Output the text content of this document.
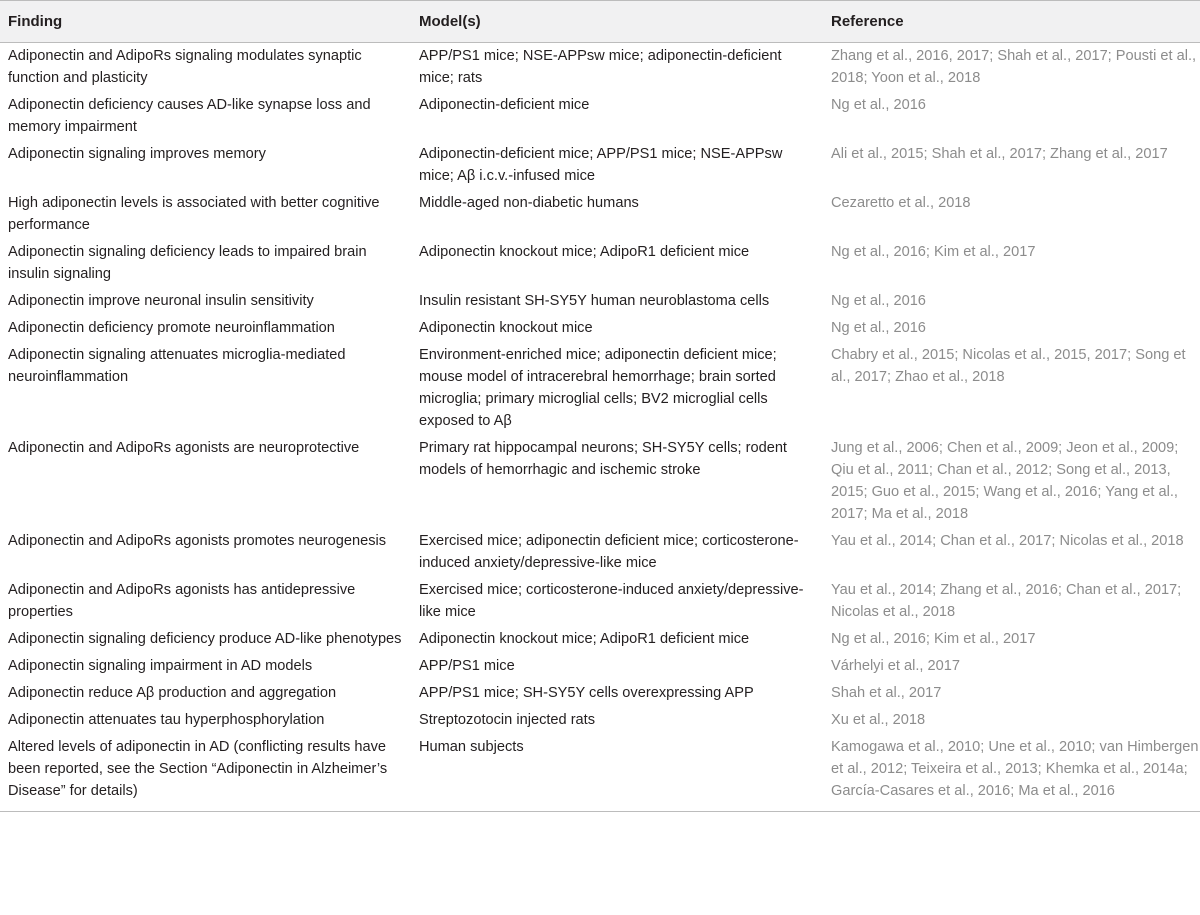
Finding	Model(s)	Reference
Adiponectin and AdipoRs signaling modulates synaptic function and plasticity	APP/PS1 mice; NSE-APPsw mice; adiponectin-deficient mice; rats	Zhang et al., 2016, 2017; Shah et al., 2017; Pousti et al., 2018; Yoon et al., 2018
Adiponectin deficiency causes AD-like synapse loss and memory impairment	Adiponectin-deficient mice	Ng et al., 2016
Adiponectin signaling improves memory	Adiponectin-deficient mice; APP/PS1 mice; NSE-APPsw mice; Aβ i.c.v.-infused mice	Ali et al., 2015; Shah et al., 2017; Zhang et al., 2017
High adiponectin levels is associated with better cognitive performance	Middle-aged non-diabetic humans	Cezaretto et al., 2018
Adiponectin signaling deficiency leads to impaired brain insulin signaling	Adiponectin knockout mice; AdipoR1 deficient mice	Ng et al., 2016; Kim et al., 2017
Adiponectin improve neuronal insulin sensitivity	Insulin resistant SH-SY5Y human neuroblastoma cells	Ng et al., 2016
Adiponectin deficiency promote neuroinflammation	Adiponectin knockout mice	Ng et al., 2016
Adiponectin signaling attenuates microglia-mediated neuroinflammation	Environment-enriched mice; adiponectin deficient mice; mouse model of intracerebral hemorrhage; brain sorted microglia; primary microglial cells; BV2 microglial cells exposed to Aβ	Chabry et al., 2015; Nicolas et al., 2015, 2017; Song et al., 2017; Zhao et al., 2018
Adiponectin and AdipoRs agonists are neuroprotective	Primary rat hippocampal neurons; SH-SY5Y cells; rodent models of hemorrhagic and ischemic stroke	Jung et al., 2006; Chen et al., 2009; Jeon et al., 2009; Qiu et al., 2011; Chan et al., 2012; Song et al., 2013, 2015; Guo et al., 2015; Wang et al., 2016; Yang et al., 2017; Ma et al., 2018
Adiponectin and AdipoRs agonists promotes neurogenesis	Exercised mice; adiponectin deficient mice; corticosterone-induced anxiety/depressive-like mice	Yau et al., 2014; Chan et al., 2017; Nicolas et al., 2018
Adiponectin and AdipoRs agonists has antidepressive properties	Exercised mice; corticosterone-induced anxiety/depressive-like mice	Yau et al., 2014; Zhang et al., 2016; Chan et al., 2017; Nicolas et al., 2018
Adiponectin signaling deficiency produce AD-like phenotypes	Adiponectin knockout mice; AdipoR1 deficient mice	Ng et al., 2016; Kim et al., 2017
Adiponectin signaling impairment in AD models	APP/PS1 mice	Várhelyi et al., 2017
Adiponectin reduce Aβ production and aggregation	APP/PS1 mice; SH-SY5Y cells overexpressing APP	Shah et al., 2017
Adiponectin attenuates tau hyperphosphorylation	Streptozotocin injected rats	Xu et al., 2018
Altered levels of adiponectin in AD (conflicting results have been reported, see the Section “Adiponectin in Alzheimer’s Disease” for details)	Human subjects	Kamogawa et al., 2010; Une et al., 2010; van Himbergen et al., 2012; Teixeira et al., 2013; Khemka et al., 2014a; García-Casares et al., 2016; Ma et al., 2016
